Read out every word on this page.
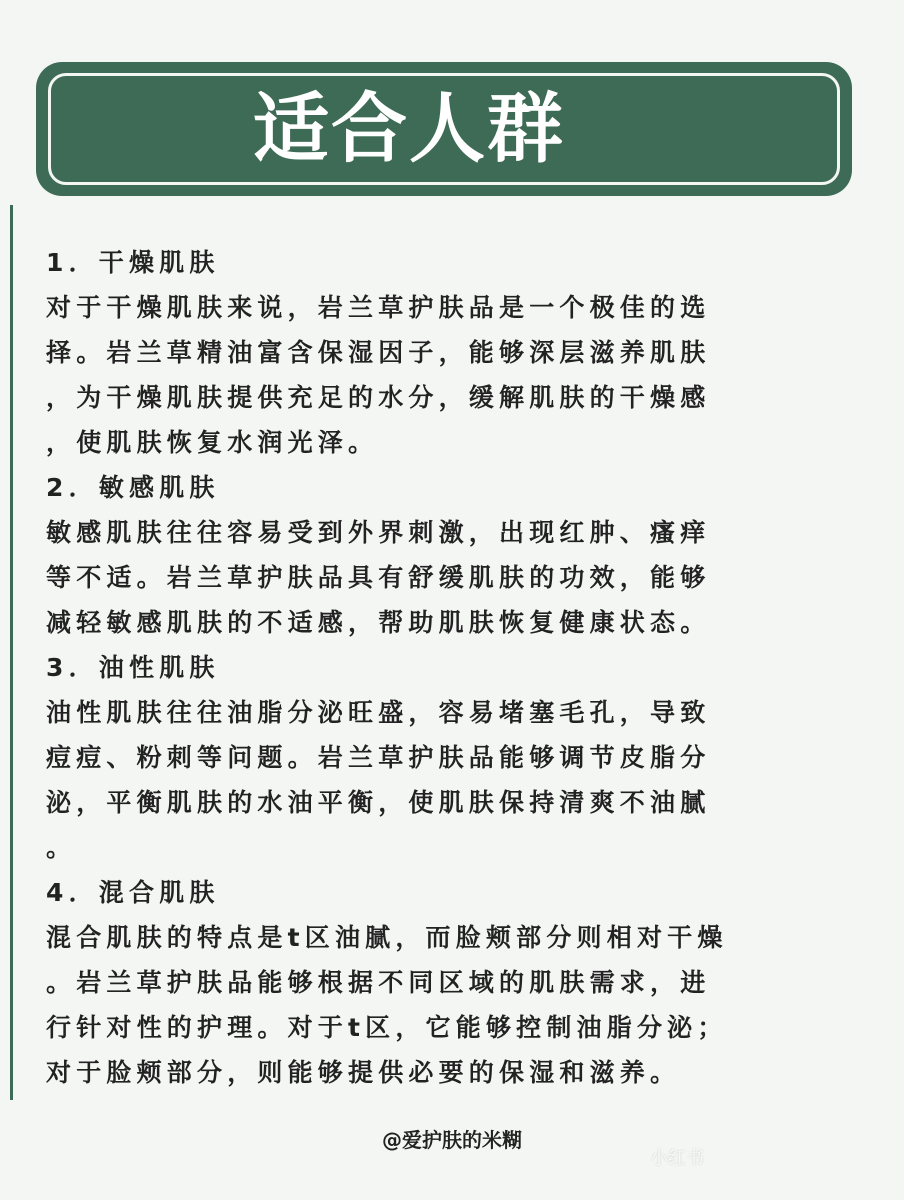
适合人群
1．干燥肌肤
对于干燥肌肤来说，岩兰草护肤品是一个极佳的选
择。岩兰草精油富含保湿因子，能够深层滋养肌肤
，为干燥肌肤提供充足的水分，缓解肌肤的干燥感
，使肌肤恢复水润光泽。
2．敏感肌肤
敏感肌肤往往容易受到外界刺激，出现红肿、瘙痒
等不适。岩兰草护肤品具有舒缓肌肤的功效，能够
减轻敏感肌肤的不适感，帮助肌肤恢复健康状态。
3．油性肌肤
油性肌肤往往油脂分泌旺盛，容易堵塞毛孔，导致
痘痘、粉刺等问题。岩兰草护肤品能够调节皮脂分
泌，平衡肌肤的水油平衡，使肌肤保持清爽不油腻
。
4．混合肌肤
混合肌肤的特点是t区油腻，而脸颊部分则相对干燥
。岩兰草护肤品能够根据不同区域的肌肤需求，进
行针对性的护理。对于t区，它能够控制油脂分泌；
对于脸颊部分，则能够提供必要的保湿和滋养。
@爱护肤的米糊
小红书
